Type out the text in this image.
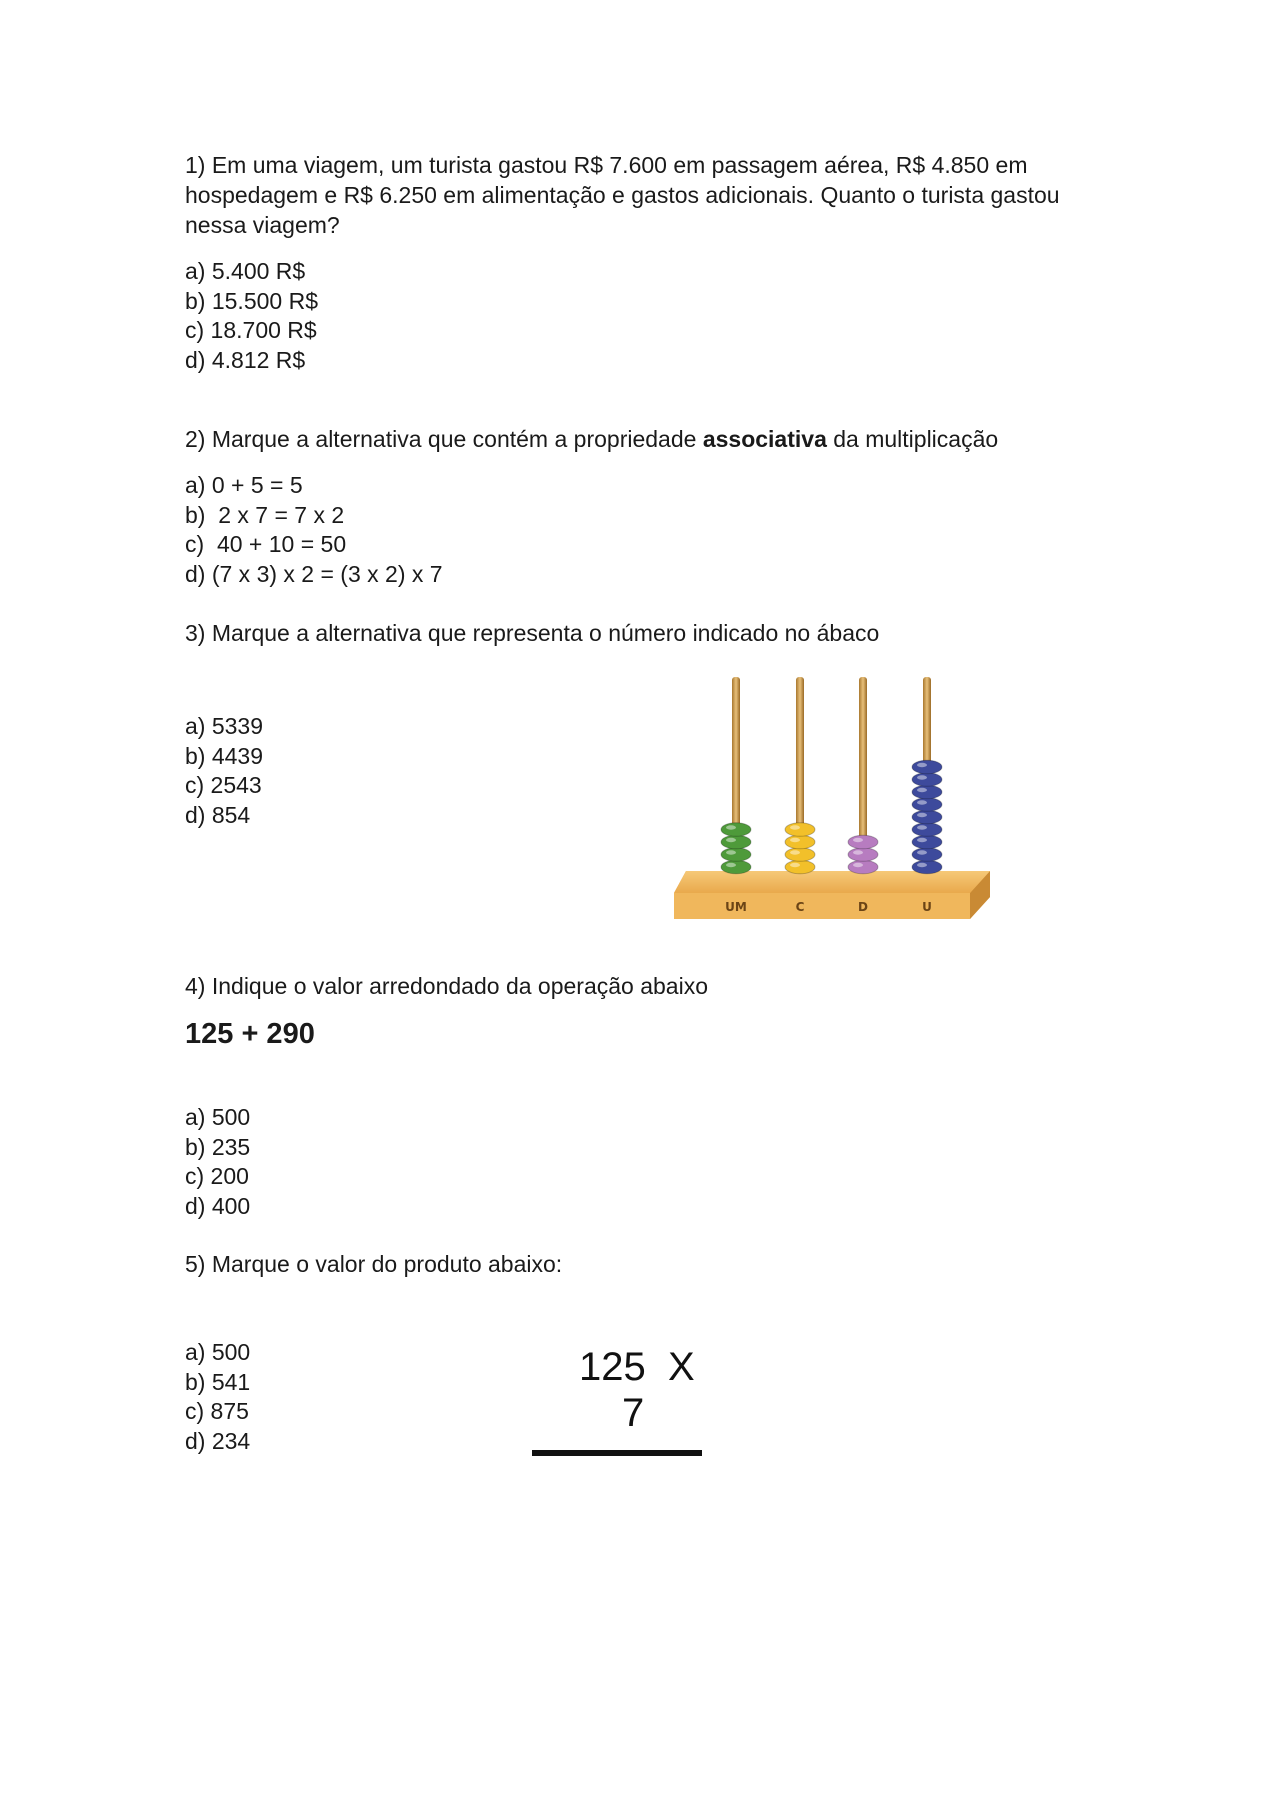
1) Em uma viagem, um turista gastou R$ 7.600 em passagem aérea, R$ 4.850 em hospedagem e R$ 6.250 em alimentação e gastos adicionais. Quanto o turista gastou nessa viagem?

a) 5.400 R$
b) 15.500 R$
c) 18.700 R$
d) 4.812 R$

2) Marque a alternativa que contém a propriedade associativa da multiplicação

a) 0 + 5 = 5
b)  2 x 7 = 7 x 2
c)  40 + 10 = 50
d) (7 x 3) x 2 = (3 x 2) x 7

3) Marque a alternativa que representa o número indicado no ábaco

a) 5339
b) 4439
c) 2543
d) 854
UM	C	D	U

4) Indique o valor arredondado da operação abaixo

125 + 290
a) 500
b) 235
c) 200
d) 400

5) Marque o valor do produto abaixo:

a) 500
b) 541
c) 875
d) 234
125  X
7
